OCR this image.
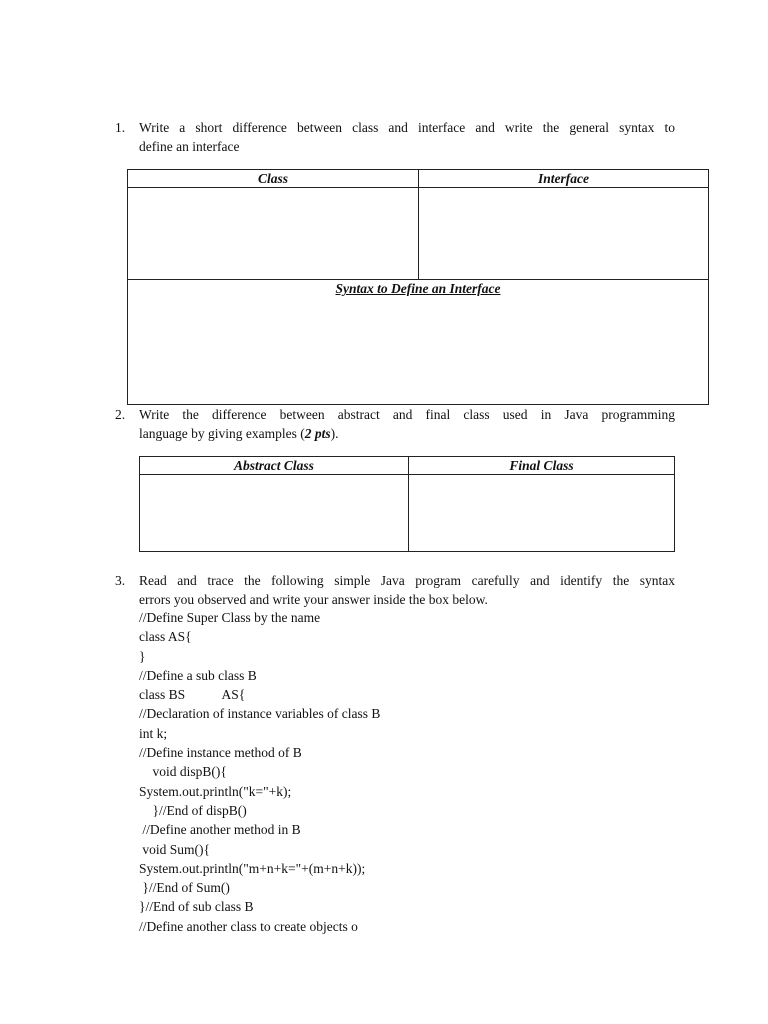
1. Write a short difference between class and interface and write the general syntax to
define an interface
Class	Interface

Syntax to Define an Interface	
2. Write the difference between abstract and final class used in Java programming
language by giving examples (2 pts).
Abstract Class	Final Class

3. Read and trace the following simple Java program carefully and identify the syntax
errors you observed and write your answer inside the box below.
//Define Super Class by the name
class AS{
}
//Define a sub class B
class BS           AS{
//Declaration of instance variables of class B
int k;
//Define instance method of B
void dispB(){
System.out.println("k="+k);
}//End of dispB()
//Define another method in B
void Sum(){
System.out.println("m+n+k="+(m+n+k));
}//End of Sum()
}//End of sub class B
//Define another class to create objects o
